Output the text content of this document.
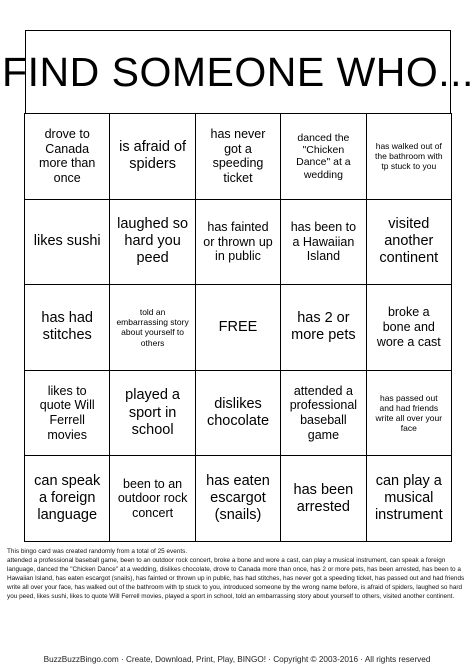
FIND SOMEONE WHO...
drove to Canada more than once
is afraid of spiders
has never got a speeding ticket
danced the "Chicken Dance" at a wedding
has walked out of the bathroom with tp stuck to you
likes sushi
laughed so hard you peed
has fainted or thrown up in public
has been to a Hawaiian Island
visited another continent
has had stitches
told an embarrassing story about yourself to others
FREE
has 2 or more pets
broke a bone and wore a cast
likes to quote Will Ferrell movies
played a sport in school
dislikes chocolate
attended a professional baseball game
has passed out and had friends write all over your face
can speak a foreign language
been to an outdoor rock concert
has eaten escargot (snails)
has been arrested
can play a musical instrument

This bingo card was created randomly from a total of 25 events.

attended a professional baseball game, been to an outdoor rock concert, broke a bone and wore a cast, can play a musical instrument, can speak a foreign language, danced the "Chicken Dance" at a wedding, dislikes chocolate, drove to Canada more than once, has 2 or more pets, has been arrested, has been to a Hawaiian Island, has eaten escargot (snails), has fainted or thrown up in public, has had stitches, has never got a speeding ticket, has passed out and had friends write all over your face, has walked out of the bathroom with tp stuck to you, introduced someone by the wrong name before, is afraid of spiders, laughed so hard you peed, likes sushi, likes to quote Will Ferrell movies, played a sport in school, told an embarrassing story about yourself to others, visited another continent.

BuzzBuzzBingo.com · Create, Download, Print, Play, BINGO! · Copyright © 2003-2016 · All rights reserved
